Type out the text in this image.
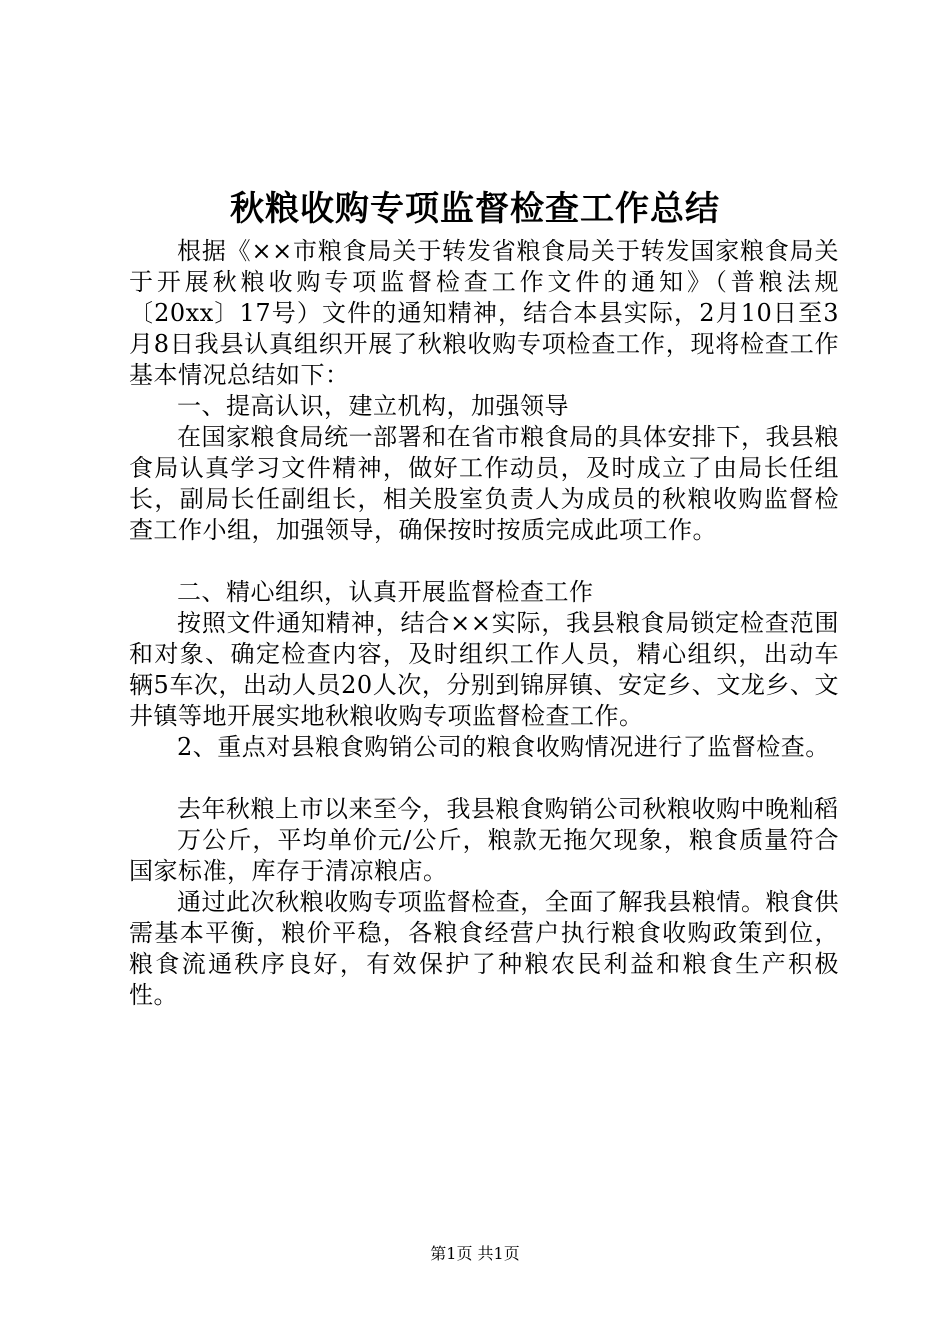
秋粮收购专项监督检查工作总结

根据《××市粮食局关于转发省粮食局关于转发国家粮食局关于开展秋粮收购专项监督检查工作文件的通知》（普粮法规〔20xx〕17号）文件的通知精神，结合本县实际，2月10日至3月8日我县认真组织开展了秋粮收购专项检查工作，现将检查工作基本情况总结如下：

一、提高认识，建立机构，加强领导

在国家粮食局统一部署和在省市粮食局的具体安排下，我县粮食局认真学习文件精神，做好工作动员，及时成立了由局长任组长，副局长任副组长，相关股室负责人为成员的秋粮收购监督检查工作小组，加强领导，确保按时按质完成此项工作。

二、精心组织，认真开展监督检查工作

按照文件通知精神，结合××实际，我县粮食局锁定检查范围和对象、确定检查内容，及时组织工作人员，精心组织，出动车辆5车次，出动人员20人次，分别到锦屏镇、安定乡、文龙乡、文井镇等地开展实地秋粮收购专项监督检查工作。

2、重点对县粮食购销公司的粮食收购情况进行了监督检查。

去年秋粮上市以来至今，我县粮食购销公司秋粮收购中晚籼稻

万公斤，平均单价元/公斤，粮款无拖欠现象，粮食质量符合国家标准，库存于清凉粮店。

通过此次秋粮收购专项监督检查，全面了解我县粮情。粮食供需基本平衡，粮价平稳，各粮食经营户执行粮食收购政策到位，粮食流通秩序良好，有效保护了种粮农民利益和粮食生产积极性。

第1页 共1页
